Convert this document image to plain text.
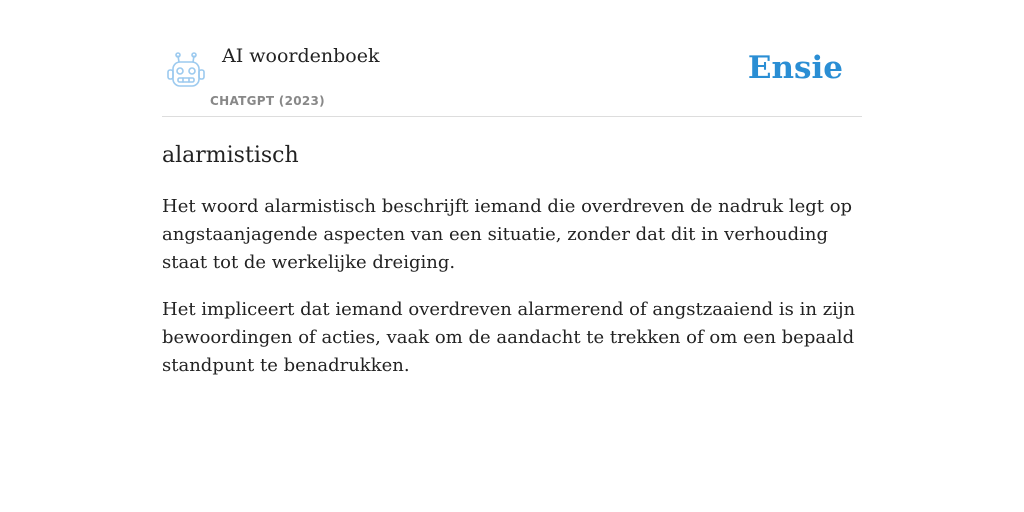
AI woordenboek
CHATGPT (2023)
Ensie
alarmistisch

Het woord alarmistisch beschrijft iemand die overdreven de nadruk legt op angstaanjagende aspecten van een situatie, zonder dat dit in verhouding staat tot de werkelijke dreiging.

Het impliceert dat iemand overdreven alarmerend of angstzaaiend is in zijn bewoordingen of acties, vaak om de aandacht te trekken of om een bepaald standpunt te benadrukken.
